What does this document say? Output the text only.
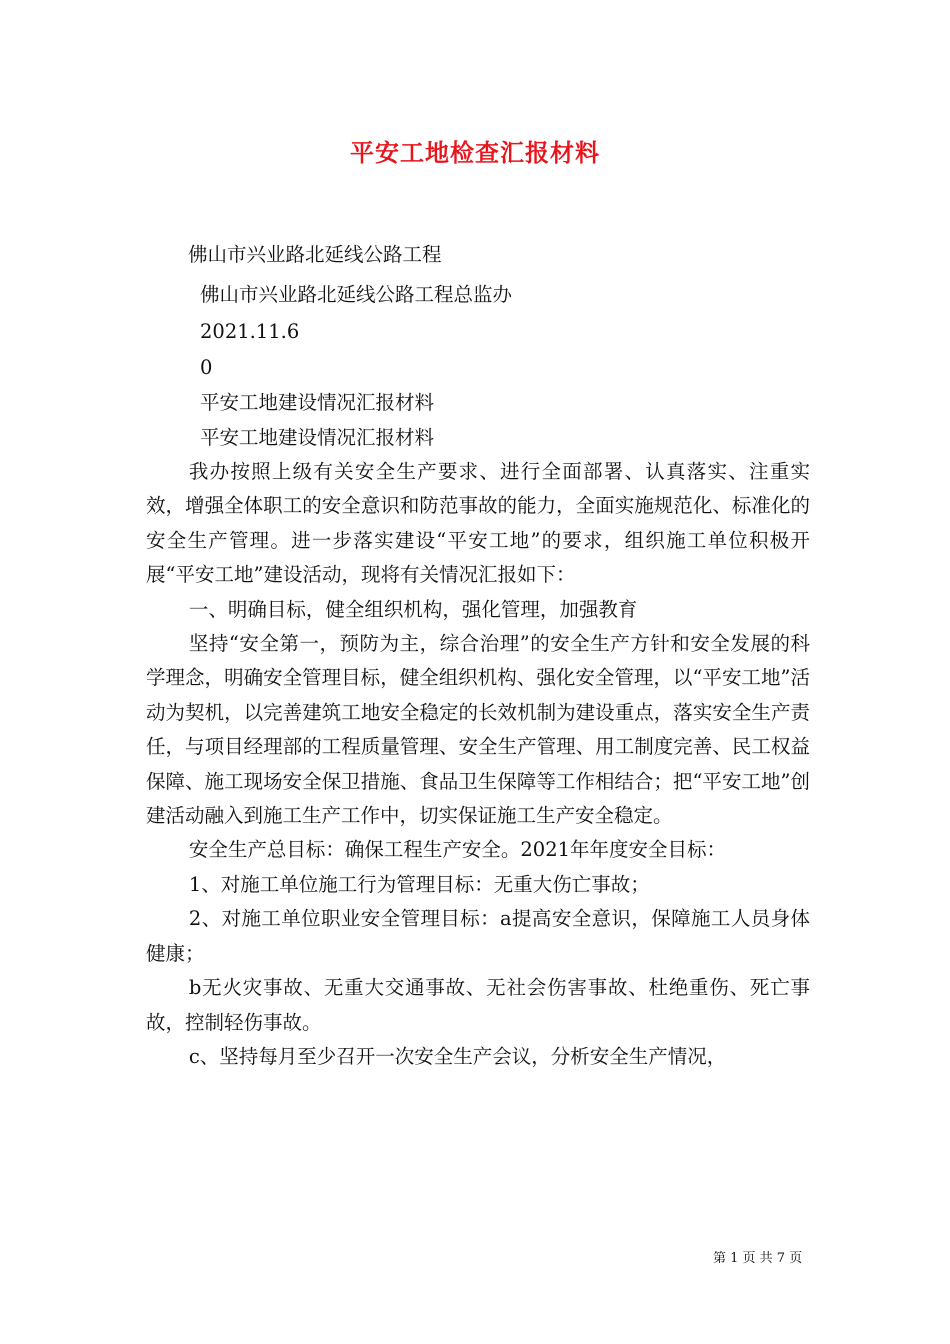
平安工地检查汇报材料
佛山市兴业路北延线公路工程
佛山市兴业路北延线公路工程总监办
2021.11.6
0
平安工地建设情况汇报材料
平安工地建设情况汇报材料

我办按照上级有关安全生产要求、进行全面部署、认真落实、注重实效，增强全体职工的安全意识和防范事故的能力，全面实施规范化、标准化的安全生产管理。进一步落实建设“平安工地”的要求，组织施工单位积极开展“平安工地”建设活动，现将有关情况汇报如下：

一、明确目标，健全组织机构，强化管理，加强教育

坚持“安全第一，预防为主，综合治理”的安全生产方针和安全发展的科学理念，明确安全管理目标，健全组织机构、强化安全管理，以“平安工地”活动为契机，以完善建筑工地安全稳定的长效机制为建设重点，落实安全生产责任，与项目经理部的工程质量管理、安全生产管理、用工制度完善、民工权益保障、施工现场安全保卫措施、食品卫生保障等工作相结合；把“平安工地”创建活动融入到施工生产工作中，切实保证施工生产安全稳定。

安全生产总目标：确保工程生产安全。2021年年度安全目标：

1、对施工单位施工行为管理目标：无重大伤亡事故；

2、对施工单位职业安全管理目标：a提高安全意识，保障施工人员身体健康；

b无火灾事故、无重大交通事故、无社会伤害事故、杜绝重伤、死亡事故，控制轻伤事故。

c、坚持每月至少召开一次安全生产会议，分析安全生产情况，

第 1 页 共 7 页
